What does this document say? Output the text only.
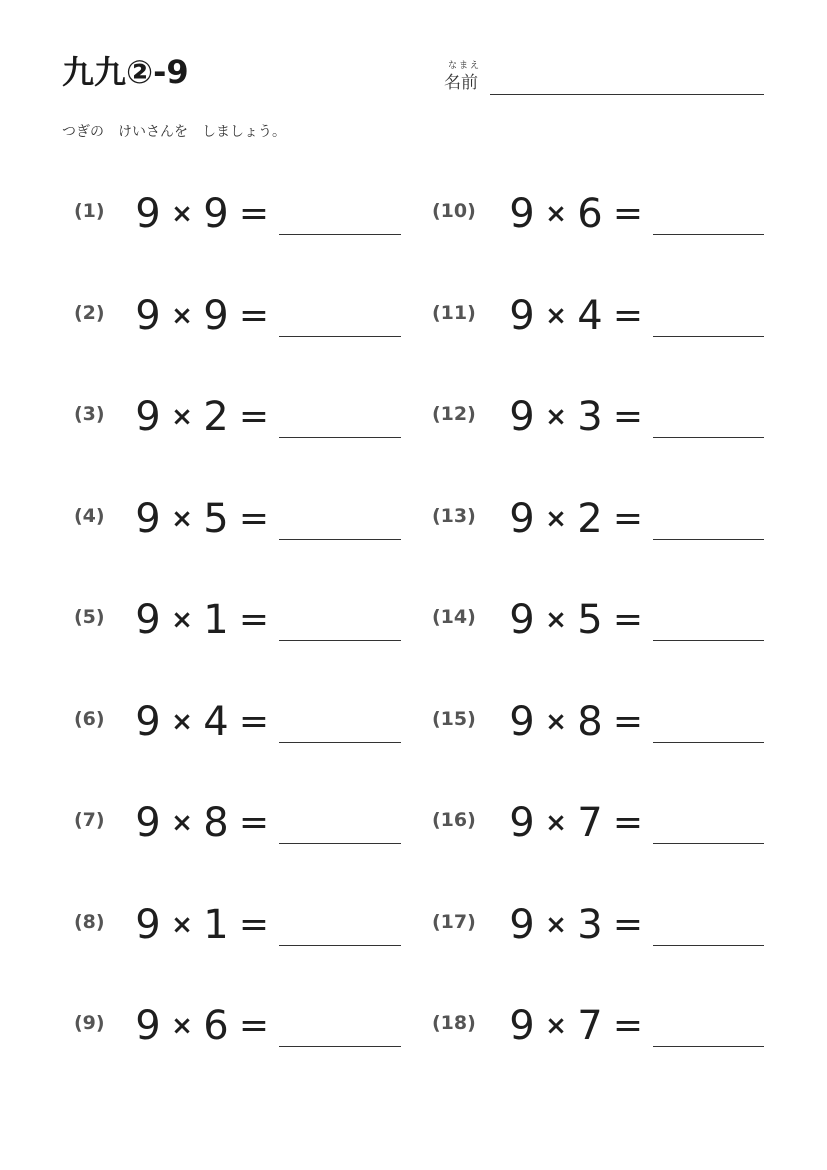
九九②-9	なまえ
名前
つぎの　けいさんを　しましょう。
(1) 9 × 9 =
(2) 9 × 9 =
(3) 9 × 2 =
(4) 9 × 5 =
(5) 9 × 1 =
(6) 9 × 4 =
(7) 9 × 8 =
(8) 9 × 1 =
(9) 9 × 6 =
(10) 9 × 6 =
(11) 9 × 4 =
(12) 9 × 3 =
(13) 9 × 2 =
(14) 9 × 5 =
(15) 9 × 8 =
(16) 9 × 7 =
(17) 9 × 3 =
(18) 9 × 7 =
